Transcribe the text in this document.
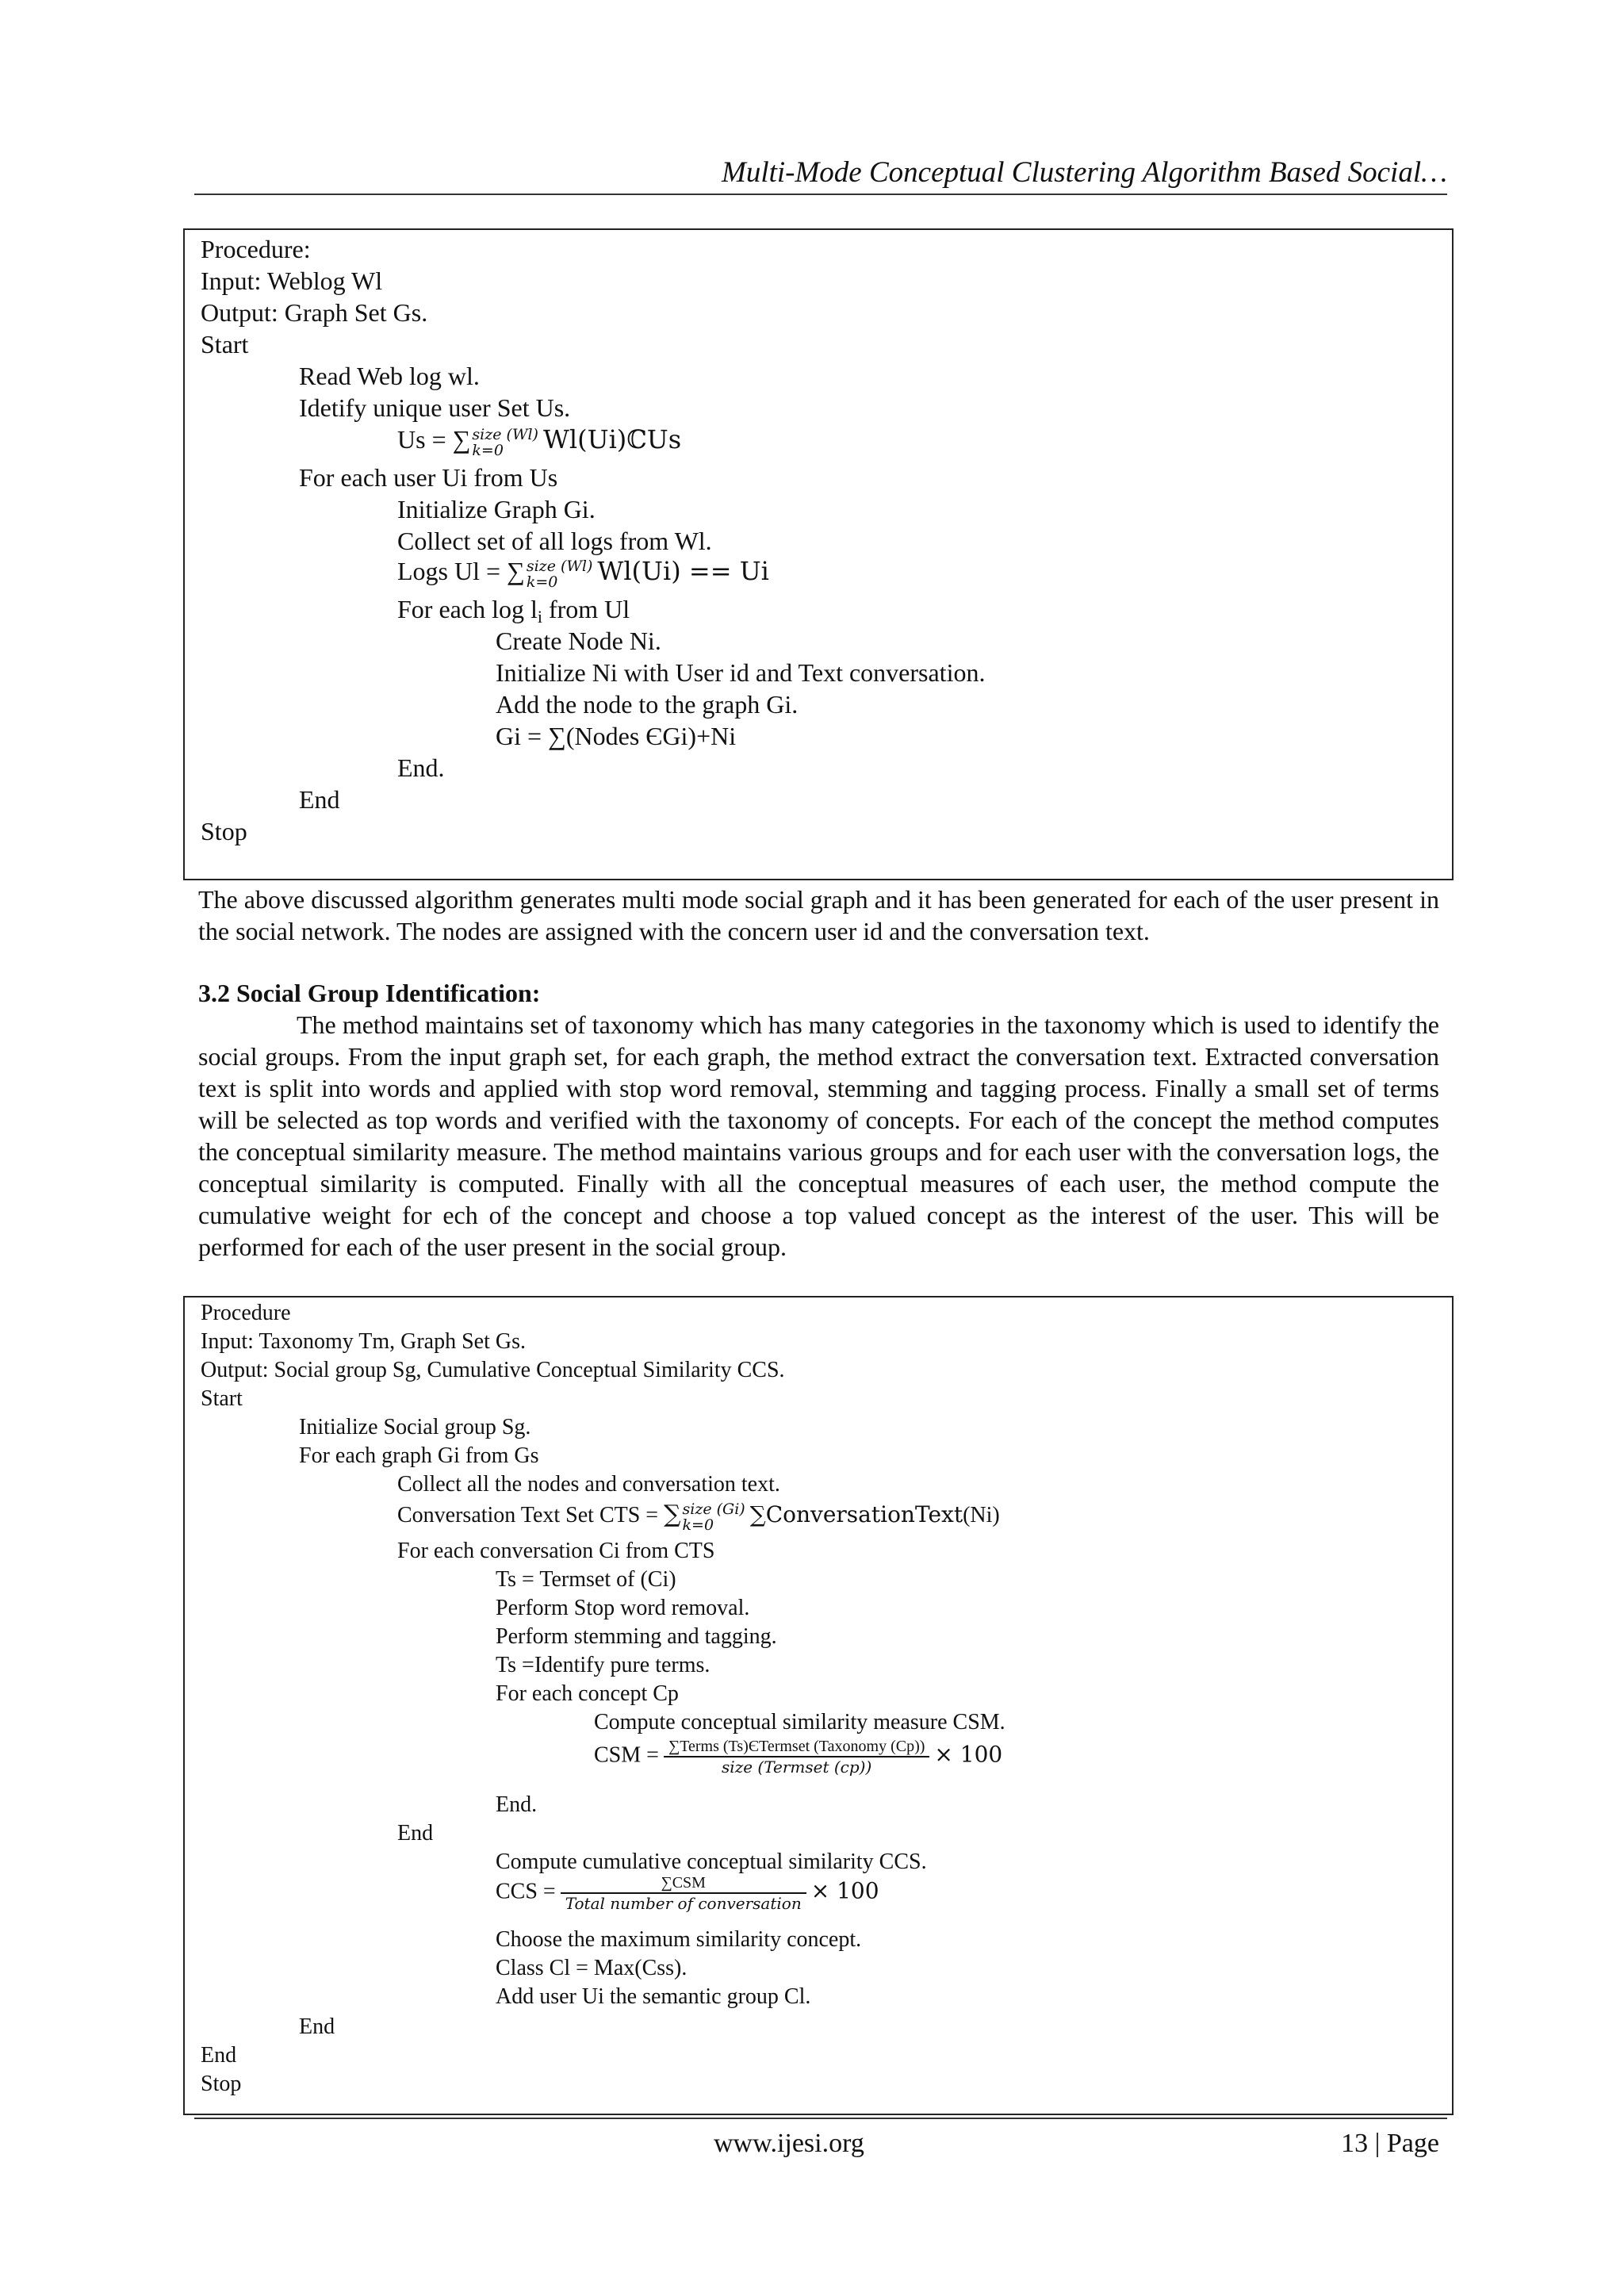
Multi-Mode Conceptual Clustering Algorithm Based Social…
Procedure:
Input: Weblog Wl
Output: Graph Set Gs.
Start
Read Web log wl.
Idetify unique user Set Us.
Us = ∑ size (Wl)
k=0	Wl(Ui)ℂUs
For each user Ui from Us
Initialize Graph Gi.
Collect set of all logs from Wl.
Logs Ul = ∑ size (Wl)
k=0	Wl(Ui) == Ui
For each $\log l_i$ from Ul
Create Node Ni.
Initialize Ni with User id and Text conversation.
Add the node to the graph Gi.
Gi = ∑(Nodes ЄGi)+Ni
End.
End
Stop
The above discussed algorithm generates multi mode social graph and it has been generated for each of the user present in the social network. The nodes are assigned with the concern user id and the conversation text.
3.2 Social Group Identification:
The method maintains set of taxonomy which has many categories in the taxonomy which is used to identify the social groups. From the input graph set, for each graph, the method extract the conversation text. Extracted conversation text is split into words and applied with stop word removal, stemming and tagging process. Finally a small set of terms will be selected as top words and verified with the taxonomy of concepts. For each of the concept the method computes the conceptual similarity measure. The method maintains various groups and for each user with the conversation logs, the conceptual similarity is computed. Finally with all the conceptual measures of each user, the method compute the cumulative weight for ech of the concept and choose a top valued concept as the interest of the user. This will be performed for each of the user present in the social group.
Procedure
Input: Taxonomy Tm, Graph Set Gs.
Output: Social group Sg, Cumulative Conceptual Similarity CCS.
Start
Initialize Social group Sg.
For each graph Gi from Gs
Collect all the nodes and conversation text.
Conversation Text Set CTS = ∑ size (Gi)
k=0	∑ConversationText(Ni)
For each conversation Ci from CTS
Ts = Termset of (Ci)
Perform Stop word removal.
Perform stemming and tagging.
Ts =Identify pure terms.
For each concept Cp
Compute conceptual similarity measure CSM.
CSM = $\frac{\text{∑Terms (Ts)ЄTermset (Taxonomy (Cp))}}{\text{size (Termset (cp))}} \times 100$
End.
End
Compute cumulative conceptual similarity CCS.
CCS = $\frac{\text{∑CSM}}{\text{Total number of conversation}} \times 100$
Choose the maximum similarity concept.
Class Cl = Max(Css).
Add user Ui the semantic group Cl.
End
End
Stop
www.ijesi.org	13 | Page
